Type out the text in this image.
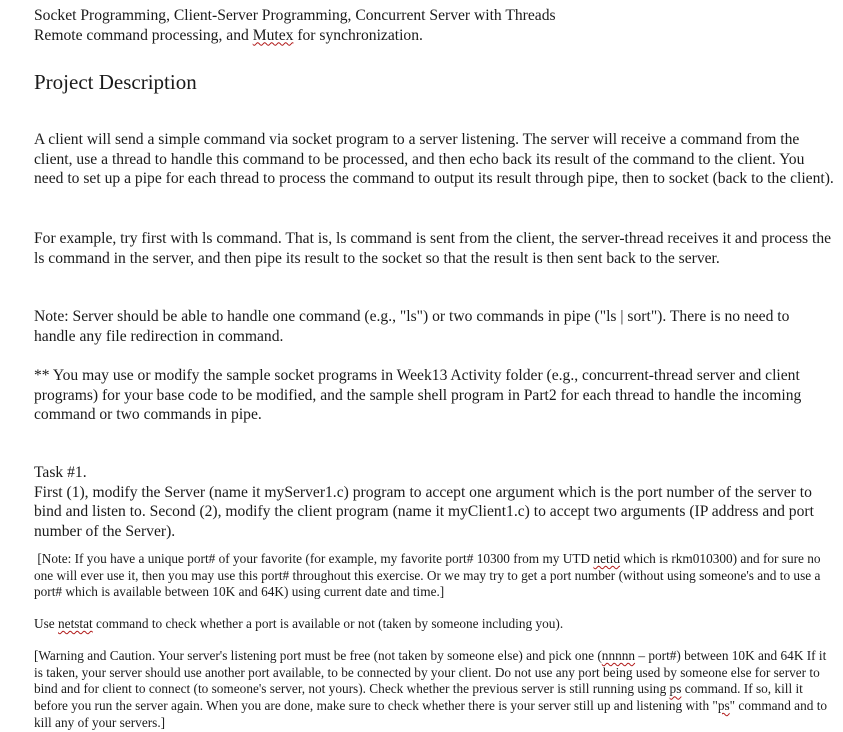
Socket Programming, Client-Server Programming, Concurrent Server with Threads
Remote command processing, and Mutex for synchronization.
Project Description
A client will send a simple command via socket program to a server listening. The server will receive a command from the client, use a thread to handle this command to be processed, and then echo back its result of the command to the client. You need to set up a pipe for each thread to process the command to output its result through pipe, then to socket (back to the client).
For example, try first with ls command. That is, ls command is sent from the client, the server-thread receives it and process the ls command in the server, and then pipe its result to the socket so that the result is then sent back to the server.
Note: Server should be able to handle one command (e.g., "ls") or two commands in pipe ("ls | sort"). There is no need to handle any file redirection in command.
** You may use or modify the sample socket programs in Week13 Activity folder (e.g., concurrent-thread server and client programs) for your base code to be modified, and the sample shell program in Part2 for each thread to handle the incoming command or two commands in pipe.
Task #1.
First (1), modify the Server (name it myServer1.c) program to accept one argument which is the port number of the server to bind and listen to. Second (2), modify the client program (name it myClient1.c) to accept two arguments (IP address and port number of the Server).
[Note: If you have a unique port# of your favorite (for example, my favorite port# 10300 from my UTD netid which is rkm010300) and for sure no one will ever use it, then you may use this port# throughout this exercise. Or we may try to get a port number (without using someone's and to use a port# which is available between 10K and 64K) using current date and time.]
Use netstat command to check whether a port is available or not (taken by someone including you).
[Warning and Caution. Your server's listening port must be free (not taken by someone else) and pick one (nnnnn – port#) between 10K and 64K If it is taken, your server should use another port available, to be connected by your client. Do not use any port being used by someone else for server to bind and for client to connect (to someone's server, not yours). Check whether the previous server is still running using ps command. If so, kill it before you run the server again. When you are done, make sure to check whether there is your server still up and listening with "ps" command and to kill any of your servers.]
